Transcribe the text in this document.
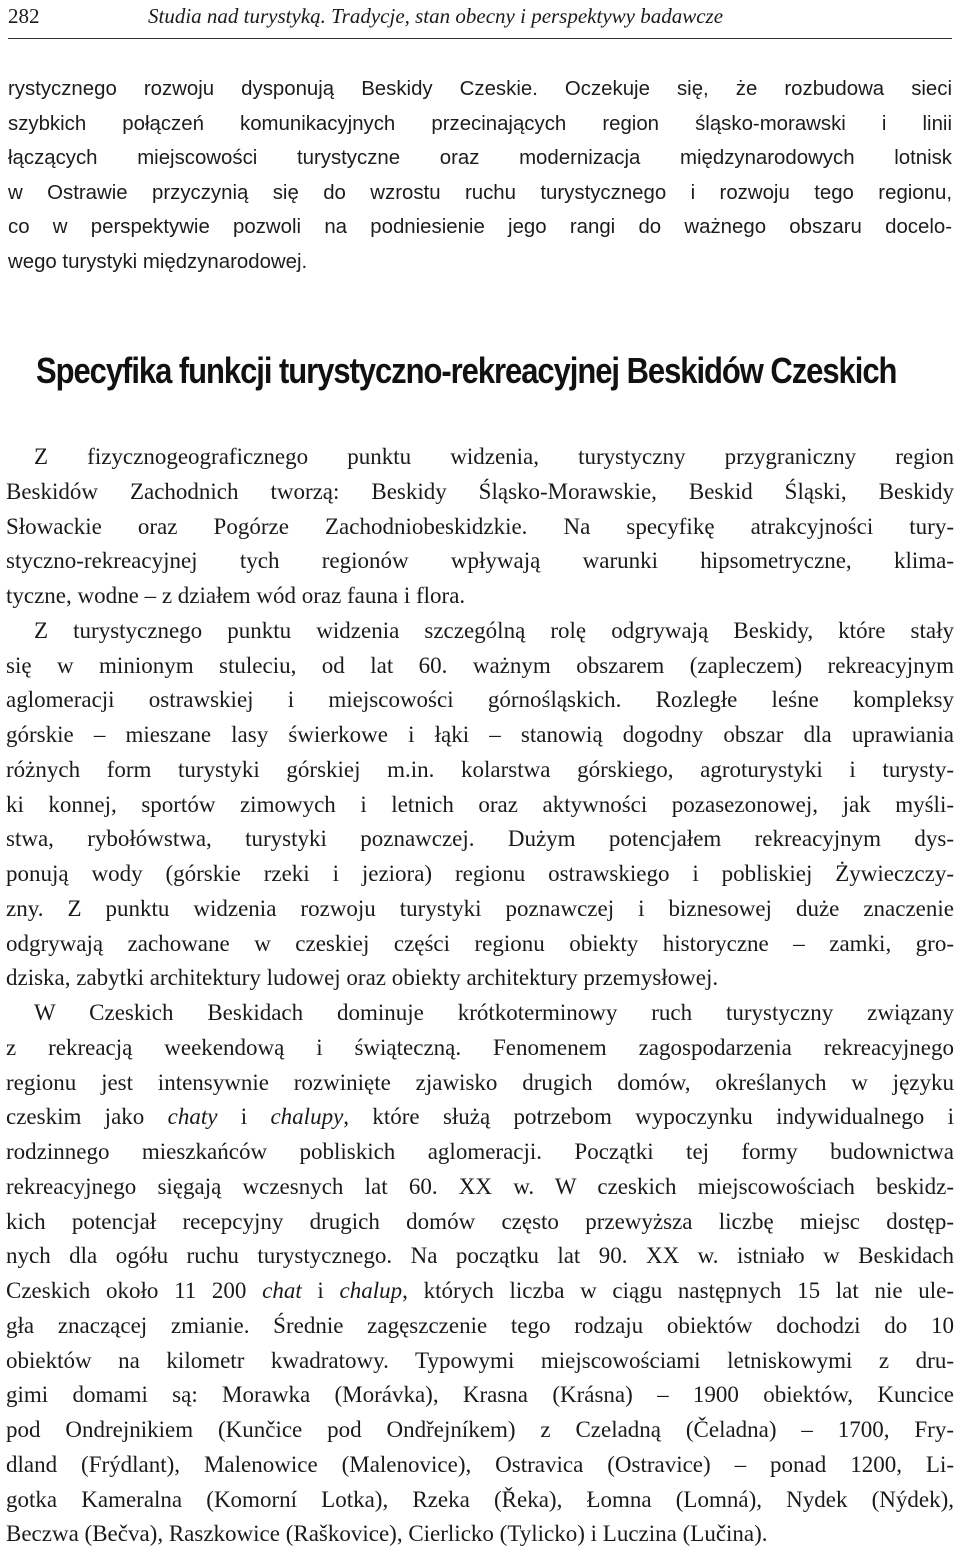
282	Studia nad turystyką. Tradycje, stan obecny i perspektywy badawcze
rystycznego rozwoju dysponują Beskidy Czeskie. Oczekuje się, że rozbudowa sieci
szybkich połączeń komunikacyjnych przecinających region śląsko-morawski i linii
łączących miejscowości turystyczne oraz modernizacja międzynarodowych lotnisk
w Ostrawie przyczynią się do wzrostu ruchu turystycznego i rozwoju tego regionu,
co w perspektywie pozwoli na podniesienie jego rangi do ważnego obszaru docelo-
wego turystyki międzynarodowej.
Specyfika funkcji turystyczno-rekreacyjnej Beskidów Czeskich
Z fizycznogeograficznego punktu widzenia, turystyczny przygraniczny region
Beskidów Zachodnich tworzą: Beskidy Śląsko-Morawskie, Beskid Śląski, Beskidy
Słowackie oraz Pogórze Zachodniobeskidzkie. Na specyfikę atrakcyjności tury-
styczno-rekreacyjnej tych regionów wpływają warunki hipsometryczne, klima-
tyczne, wodne – z działem wód oraz fauna i flora.
Z turystycznego punktu widzenia szczególną rolę odgrywają Beskidy, które stały
się w minionym stuleciu, od lat 60. ważnym obszarem (zapleczem) rekreacyjnym
aglomeracji ostrawskiej i miejscowości górnośląskich. Rozległe leśne kompleksy
górskie – mieszane lasy świerkowe i łąki – stanowią dogodny obszar dla uprawiania
różnych form turystyki górskiej m.in. kolarstwa górskiego, agroturystyki i turysty-
ki konnej, sportów zimowych i letnich oraz aktywności pozasezonowej, jak myśli-
stwa, rybołówstwa, turystyki poznawczej. Dużym potencjałem rekreacyjnym dys-
ponują wody (górskie rzeki i jeziora) regionu ostrawskiego i pobliskiej Żywieczczy-
zny. Z punktu widzenia rozwoju turystyki poznawczej i biznesowej duże znaczenie
odgrywają zachowane w czeskiej części regionu obiekty historyczne – zamki, gro-
dziska, zabytki architektury ludowej oraz obiekty architektury przemysłowej.
W Czeskich Beskidach dominuje krótkoterminowy ruch turystyczny związany
z rekreacją weekendową i świąteczną. Fenomenem zagospodarzenia rekreacyjnego
regionu jest intensywnie rozwinięte zjawisko drugich domów, określanych w języku
czeskim jako chaty i chalupy, które służą potrzebom wypoczynku indywidualnego i
rodzinnego mieszkańców pobliskich aglomeracji. Początki tej formy budownictwa
rekreacyjnego sięgają wczesnych lat 60. XX w. W czeskich miejscowościach beskidz-
kich potencjał recepcyjny drugich domów często przewyższa liczbę miejsc dostęp-
nych dla ogółu ruchu turystycznego. Na początku lat 90. XX w. istniało w Beskidach
Czeskich około 11 200 chat i chalup, których liczba w ciągu następnych 15 lat nie ule-
gła znaczącej zmianie. Średnie zagęszczenie tego rodzaju obiektów dochodzi do 10
obiektów na kilometr kwadratowy. Typowymi miejscowościami letniskowymi z dru-
gimi domami są: Morawka (Morávka), Krasna (Krásna) – 1900 obiektów, Kuncice
pod Ondrejnikiem (Kunčice pod Ondřejníkem) z Czeladną (Čeladna) – 1700, Fry-
dland (Frýdlant), Malenowice (Malenovice), Ostravica (Ostravice) – ponad 1200, Li-
gotka Kameralna (Komorní Lotka), Rzeka (Řeka), Łomna (Lomná), Nydek (Nýdek),
Beczwa (Bečva), Raszkowice (Raškovice), Cierlicko (Tylicko) i Luczina (Lučina).
